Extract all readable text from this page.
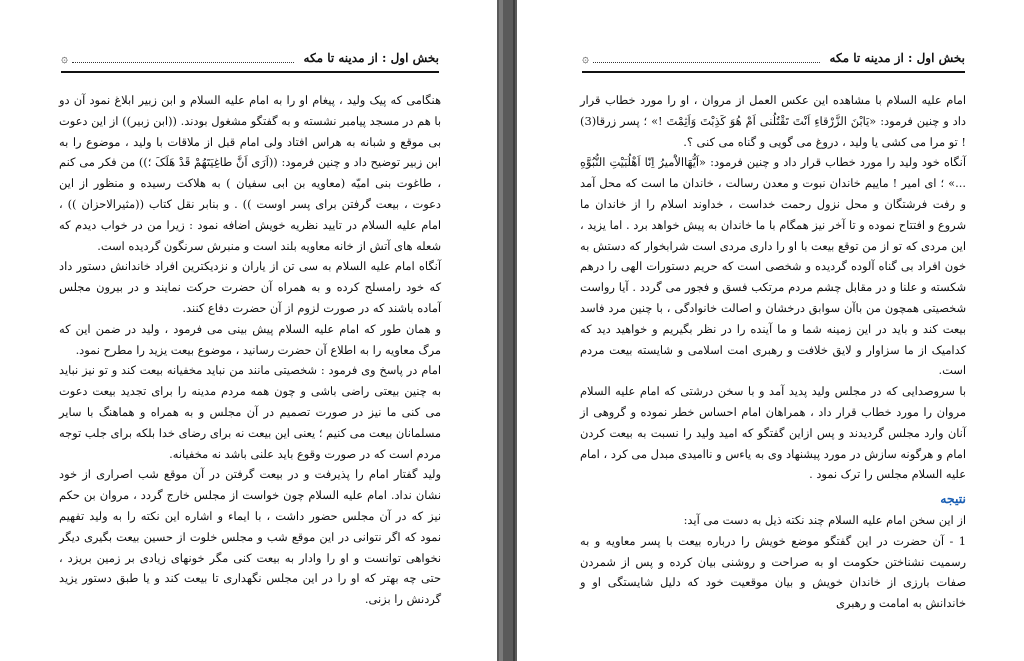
بخش اول : از مدینه تا مکه
۞

هنگامی که پیک ولید ، پیغام او را به امام علیه السلام و ابن زبیر ابلاغ نمود آن دو با هم در مسجد پیامبر نشسته و به گفتگو مشغول بودند. ((ابن زبیر)) از این دعوت بی موقع و شبانه به هراس افتاد ولی امام قبل از ملاقات با ولید ، موضوع را به ابن زبیر توضیح داد و چنین فرمود: ((اَرَی اَنَّ طاغِیَتَهُمْ قَدْ هَلَکَ ؛)) من فکر می کنم ، طاغوت بنی امیّه (معاویه بن ابی سفیان ) به هلاکت رسیده و منظور از این دعوت ، بیعت گرفتن برای پسر اوست )) . و بنابر نقل کتاب ((مثیرالاحزان )) ، امام علیه السلام در تایید نظریه خویش اضافه نمود : زیرا من در خواب دیدم که شعله های آتش از خانه معاویه بلند است و منبرش سرنگون گردیده است.

آنگاه امام علیه السلام به سی تن از یاران و نزدیکترین افراد خاندانش دستور داد که خود رامسلح کرده و به همراه آن حضرت حرکت نمایند و در بیرون مجلس آماده باشند که در صورت لزوم از آن حضرت دفاع کنند.

و همان طور که امام علیه السلام پیش بینی می فرمود ، ولید در ضمن این که مرگ معاویه را به اطلاع آن حضرت رسانید ، موضوع بیعت یزید را مطرح نمود.

امام در پاسخ وی فرمود : شخصیتی مانند من نباید مخفیانه بیعت کند و تو نیز نباید به چنین بیعتی راضی باشی و چون همه مردم مدینه را برای تجدید بیعت دعوت می کنی ما نیز در صورت تصمیم در آن مجلس و به همراه و هماهنگ با سایر مسلمانان بیعت می کنیم ؛ یعنی این بیعت نه برای رضای خدا بلکه برای جلب توجه مردم است که در صورت وقوع باید علنی باشد نه مخفیانه.

ولید گفتار امام را پذیرفت و در بیعت گرفتن در آن موقع شب اصراری از خود نشان نداد. امام علیه السلام چون خواست از مجلس خارج گردد ، مروان بن حکم نیز که در آن مجلس حضور داشت ، با ایماء و اشاره این نکته را به ولید تفهیم نمود که اگر نتوانی در این موقع شب و مجلس خلوت از حسین بیعت بگیری دیگر نخواهی توانست و او را وادار به بیعت کنی مگر خونهای زیادی بر زمین بریزد ، حتی چه بهتر که او را در این مجلس نگهداری تا بیعت کند و یا طبق دستور یزید گردنش را بزنی.

بخش اول : از مدینه تا مکه
۞

امام علیه السلام با مشاهده این عکس العمل از مروان ، او را مورد خطاب قرار داد و چنین فرمود: «یَابْنَ الزَّرْقاءِ اَنْتَ تَقْتُلُنی اَمْ هُوَ کَذِبْتَ وَاَثِمْتَ !» ؛ پسر زرقا(3) ! تو مرا می کشی یا ولید ، دروغ می گویی و گناه می کنی ؟.

آنگاه خود ولید را مورد خطاب قرار داد و چنین فرمود: «اَیُّهَاالاَْمیرُ اِنّا اَهْلُبَیْتِ النُّبُوَّهِ ...» ؛ ای امیر ! ماییم خاندان نبوت و معدن رسالت ، خاندان ما است که محل آمد و رفت فرشتگان و محل نزول رحمت خداست ، خداوند اسلام را از خاندان ما شروع و افتتاح نموده و تا آخر نیز همگام با ما خاندان به پیش خواهد برد . اما یزید ، این مردی که تو از من توقع بیعت با او را داری مردی است شرابخوار که دستش به خون افراد بی گناه آلوده گردیده و شخصی است که حریم دستورات الهی را درهم شکسته و علنا و در مقابل چشم مردم مرتکب فسق و فجور می گردد . آیا رواست شخصیتی همچون من باآن سوابق درخشان و اصالت خانوادگی ، با چنین مرد فاسد بیعت کند و باید در این زمینه شما و ما آینده را در نظر بگیریم و خواهید دید که کدامیک از ما سزاوار و لایق خلافت و رهبری امت اسلامی و شایسته بیعت مردم است.

با سروصدایی که در مجلس ولید پدید آمد و با سخن درشتی که امام علیه السلام مروان را مورد خطاب قرار داد ، همراهان امام احساس خطر نموده و گروهی از آنان وارد مجلس گردیدند و پس ازاین گفتگو که امید ولید را نسبت به بیعت کردن امام و هرگونه سازش در مورد پیشنهاد وی به یاءس و ناامیدی مبدل می کرد ، امام علیه السلام مجلس را ترک نمود .

نتیجه

از این سخن امام علیه السلام چند نکته ذیل به دست می آید:

1 - آن حضرت در این گفتگو موضع خویش را درباره بیعت با پسر معاویه و به رسمیت نشناختن حکومت او به صراحت و روشنی بیان کرده و پس از شمردن صفات بارزی از خاندان خویش و بیان موقعیت خود که دلیل شایستگی او و خاندانش به امامت و رهبری
